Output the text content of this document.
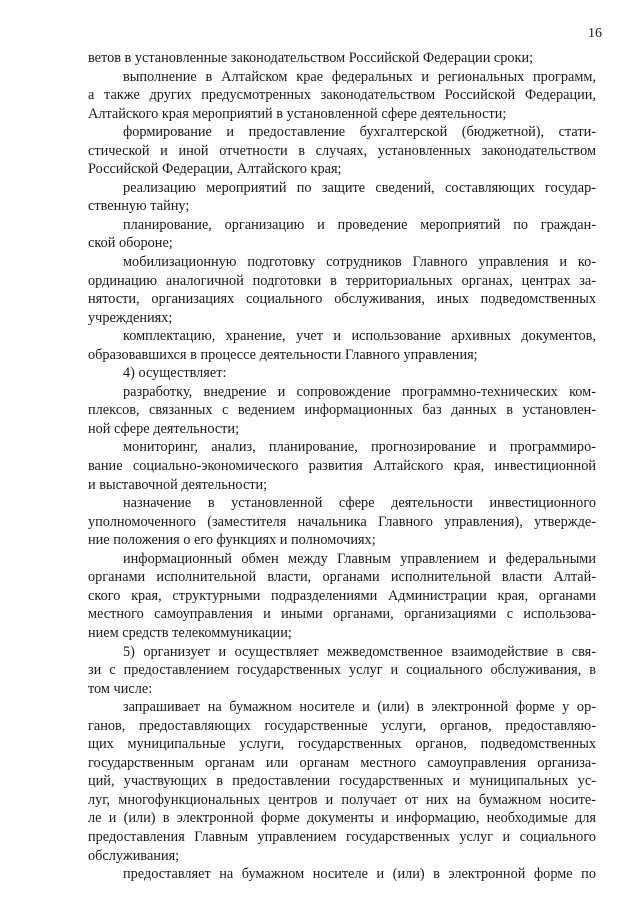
16
ветов в установленные законодательством Российской Федерации сроки;
выполнение в Алтайском крае федеральных и региональных программ,
а также других предусмотренных законодательством Российской Федерации,
Алтайского края мероприятий в установленной сфере деятельности;
формирование и предоставление бухгалтерской (бюджетной), стати-
стической и иной отчетности в случаях, установленных законодательством
Российской Федерации, Алтайского края;
реализацию мероприятий по защите сведений, составляющих государ-
ственную тайну;
планирование, организацию и проведение мероприятий по граждан-
ской обороне;
мобилизационную подготовку сотрудников Главного управления и ко-
ординацию аналогичной подготовки в территориальных органах, центрах за-
нятости, организациях социального обслуживания, иных подведомственных
учреждениях;
комплектацию, хранение, учет и использование архивных документов,
образовавшихся в процессе деятельности Главного управления;
4) осуществляет:
разработку, внедрение и сопровождение программно-технических ком-
плексов, связанных с ведением информационных баз данных в установлен-
ной сфере деятельности;
мониторинг, анализ, планирование, прогнозирование и программиро-
вание социально-экономического развития Алтайского края, инвестиционной
и выставочной деятельности;
назначение в установленной сфере деятельности инвестиционного
уполномоченного (заместителя начальника Главного управления), утвержде-
ние положения о его функциях и полномочиях;
информационный обмен между Главным управлением и федеральными
органами исполнительной власти, органами исполнительной власти Алтай-
ского края, структурными подразделениями Администрации края, органами
местного самоуправления и иными органами, организациями с использова-
нием средств телекоммуникации;
5) организует и осуществляет межведомственное взаимодействие в свя-
зи с предоставлением государственных услуг и социального обслуживания, в
том числе:
запрашивает на бумажном носителе и (или) в электронной форме у ор-
ганов, предоставляющих государственные услуги, органов, предоставляю-
щих муниципальные услуги, государственных органов, подведомственных
государственным органам или органам местного самоуправления организа-
ций, участвующих в предоставлении государственных и муниципальных ус-
луг, многофункциональных центров и получает от них на бумажном носите-
ле и (или) в электронной форме документы и информацию, необходимые для
предоставления Главным управлением государственных услуг и социального
обслуживания;
предоставляет на бумажном носителе и (или) в электронной форме по
